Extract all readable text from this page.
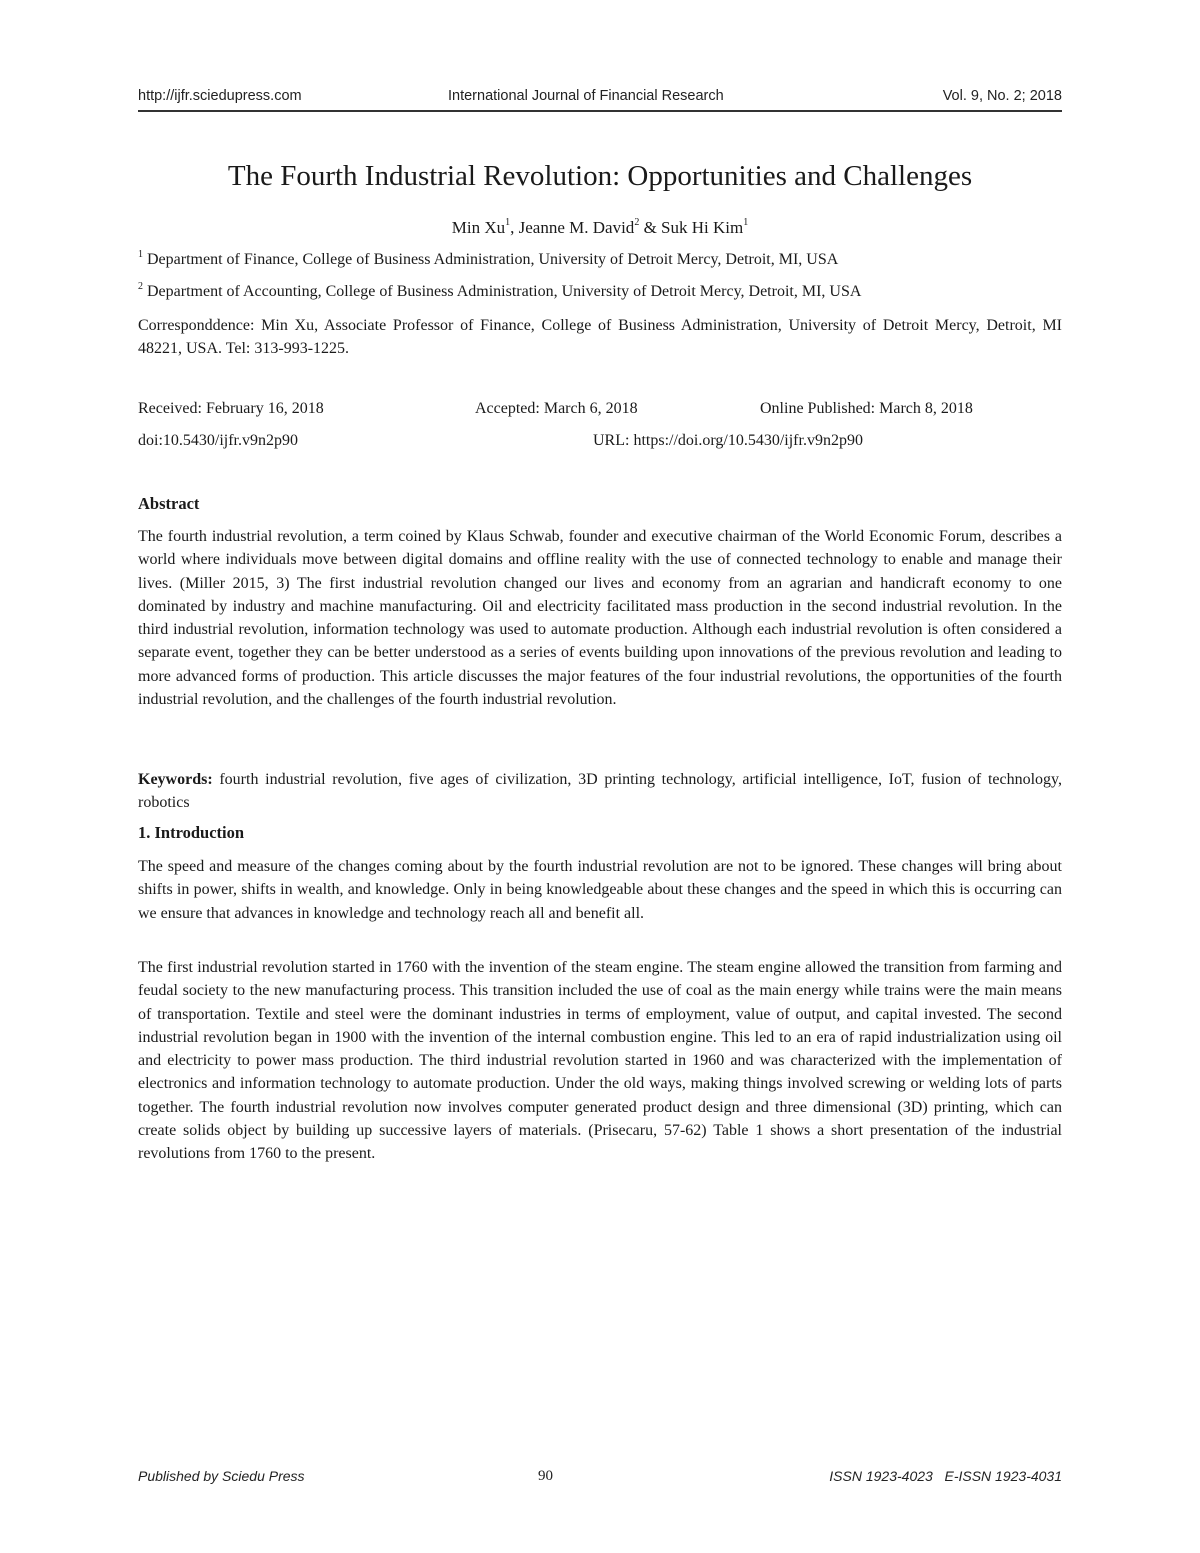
http://ijfr.sciedupress.com	International Journal of Financial Research	Vol. 9, No. 2; 2018
The Fourth Industrial Revolution: Opportunities and Challenges
Min Xu$^1$, Jeanne M. David$^2$ & Suk Hi Kim$^1$
$^1$ Department of Finance, College of Business Administration, University of Detroit Mercy, Detroit, MI, USA
$^2$ Department of Accounting, College of Business Administration, University of Detroit Mercy, Detroit, MI, USA
Corresponddence: Min Xu, Associate Professor of Finance, College of Business Administration, University of Detroit Mercy, Detroit, MI 48221, USA. Tel: 313-993-1225.
Received: February 16, 2018	Accepted: March 6, 2018	Online Published: March 8, 2018
doi:10.5430/ijfr.v9n2p90	URL: https://doi.org/10.5430/ijfr.v9n2p90
Abstract
The fourth industrial revolution, a term coined by Klaus Schwab, founder and executive chairman of the World Economic Forum, describes a world where individuals move between digital domains and offline reality with the use of connected technology to enable and manage their lives. (Miller 2015, 3) The first industrial revolution changed our lives and economy from an agrarian and handicraft economy to one dominated by industry and machine manufacturing. Oil and electricity facilitated mass production in the second industrial revolution. In the third industrial revolution, information technology was used to automate production. Although each industrial revolution is often considered a separate event, together they can be better understood as a series of events building upon innovations of the previous revolution and leading to more advanced forms of production. This article discusses the major features of the four industrial revolutions, the opportunities of the fourth industrial revolution, and the challenges of the fourth industrial revolution.
Keywords: fourth industrial revolution, five ages of civilization, 3D printing technology, artificial intelligence, IoT, fusion of technology, robotics
1. Introduction
The speed and measure of the changes coming about by the fourth industrial revolution are not to be ignored. These changes will bring about shifts in power, shifts in wealth, and knowledge. Only in being knowledgeable about these changes and the speed in which this is occurring can we ensure that advances in knowledge and technology reach all and benefit all.
The first industrial revolution started in 1760 with the invention of the steam engine. The steam engine allowed the transition from farming and feudal society to the new manufacturing process. This transition included the use of coal as the main energy while trains were the main means of transportation. Textile and steel were the dominant industries in terms of employment, value of output, and capital invested. The second industrial revolution began in 1900 with the invention of the internal combustion engine. This led to an era of rapid industrialization using oil and electricity to power mass production. The third industrial revolution started in 1960 and was characterized with the implementation of electronics and information technology to automate production. Under the old ways, making things involved screwing or welding lots of parts together. The fourth industrial revolution now involves computer generated product design and three dimensional (3D) printing, which can create solids object by building up successive layers of materials. (Prisecaru, 57-62) Table 1 shows a short presentation of the industrial revolutions from 1760 to the present.
Published by Sciedu Press	90	ISSN 1923-4023   E-ISSN 1923-4031
